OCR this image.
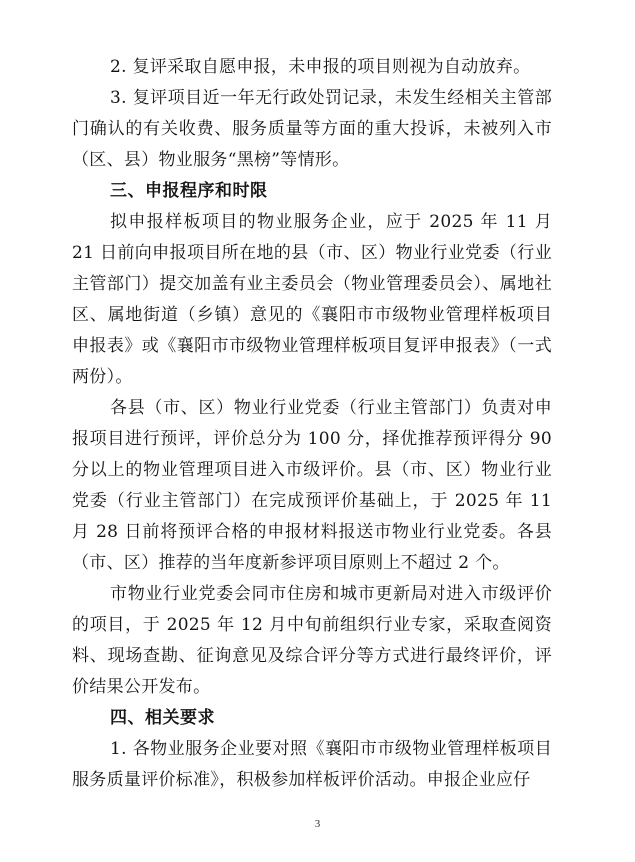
2. 复评采取自愿申报，未申报的项目则视为自动放弃。

3. 复评项目近一年无行政处罚记录，未发生经相关主管部门确认的有关收费、服务质量等方面的重大投诉，未被列入市（区、县）物业服务“黑榜”等情形。

三、申报程序和时限

拟申报样板项目的物业服务企业，应于 2025 年 11 月 21 日前向申报项目所在地的县（市、区）物业行业党委（行业主管部门）提交加盖有业主委员会（物业管理委员会）、属地社区、属地街道（乡镇）意见的《襄阳市市级物业管理样板项目申报表》或《襄阳市市级物业管理样板项目复评申报表》（一式两份）。

各县（市、区）物业行业党委（行业主管部门）负责对申报项目进行预评，评价总分为 100 分，择优推荐预评得分 90 分以上的物业管理项目进入市级评价。县（市、区）物业行业党委（行业主管部门）在完成预评价基础上，于 2025 年 11 月 28 日前将预评合格的申报材料报送市物业行业党委。各县（市、区）推荐的当年度新参评项目原则上不超过 2 个。

市物业行业党委会同市住房和城市更新局对进入市级评价的项目，于 2025 年 12 月中旬前组织行业专家，采取查阅资料、现场查勘、征询意见及综合评分等方式进行最终评价，评价结果公开发布。

四、相关要求

1. 各物业服务企业要对照《襄阳市市级物业管理样板项目服务质量评价标准》，积极参加样板评价活动。申报企业应仔

3
